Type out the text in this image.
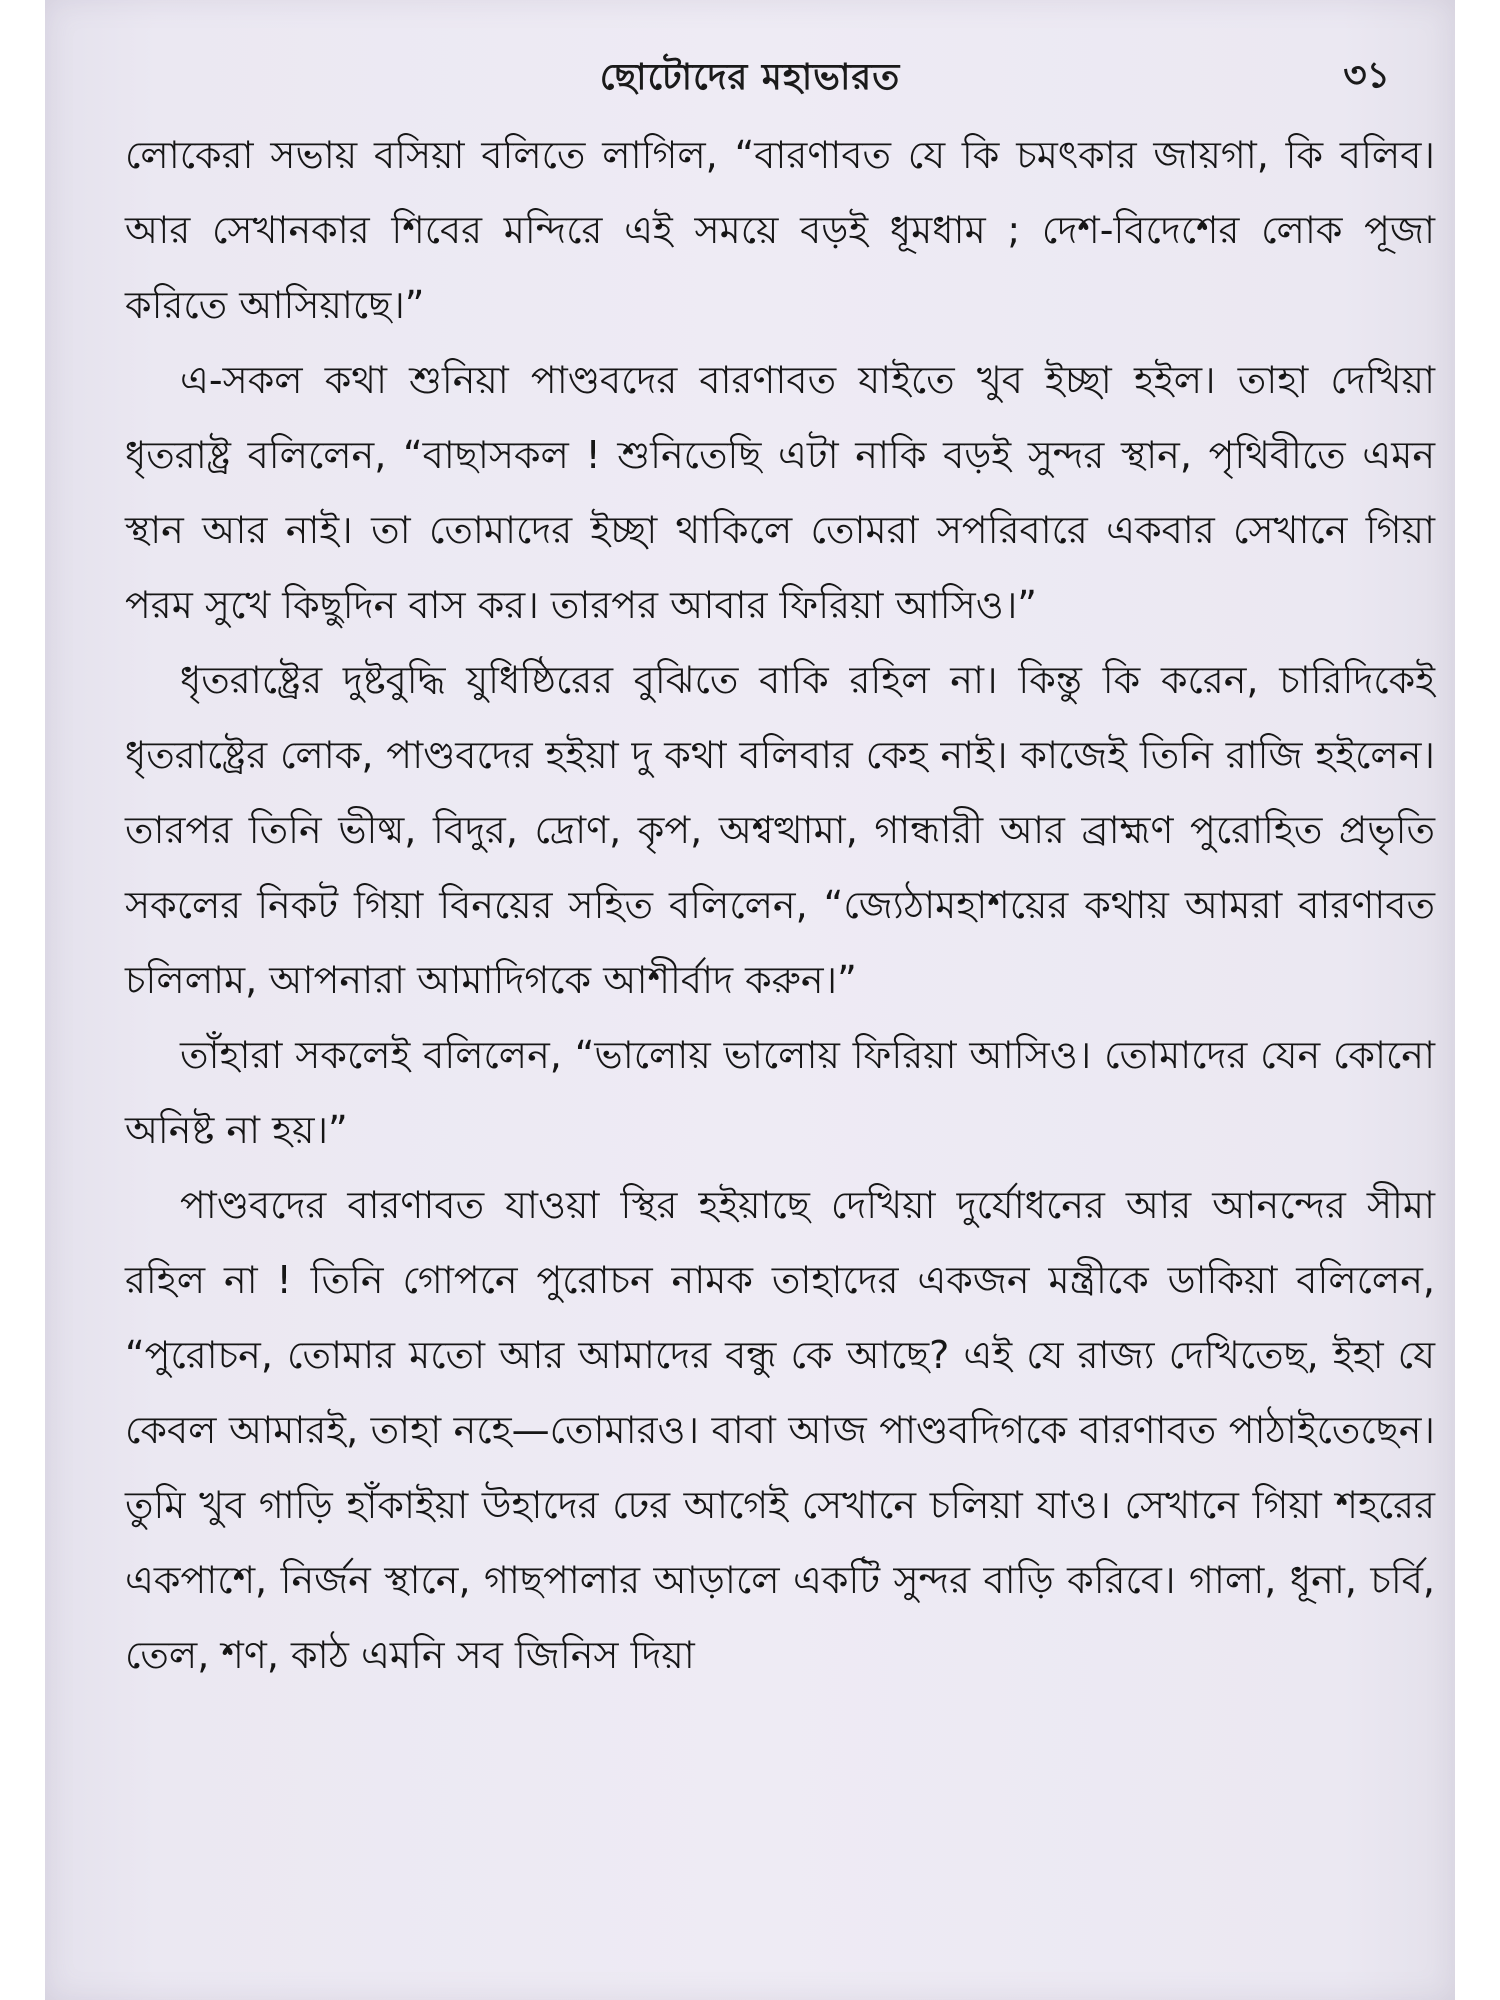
ছোটোদের মহাভারত	৩১

লোকেরা সভায় বসিয়া বলিতে লাগিল, “বারণাবত যে কি চমৎকার জায়গা, কি বলিব। আর সেখানকার শিবের মন্দিরে এই সময়ে বড়ই ধূমধাম ; দেশ-বিদেশের লোক পূজা করিতে আসিয়াছে।”

এ-সকল কথা শুনিয়া পাণ্ডবদের বারণাবত যাইতে খুব ইচ্ছা হইল। তাহা দেখিয়া ধৃতরাষ্ট্র বলিলেন, “বাছাসকল ! শুনিতেছি এটা নাকি বড়ই সুন্দর স্থান, পৃথিবীতে এমন স্থান আর নাই। তা তোমাদের ইচ্ছা থাকিলে তোমরা সপরিবারে একবার সেখানে গিয়া পরম সুখে কিছুদিন বাস কর। তারপর আবার ফিরিয়া আসিও।”

ধৃতরাষ্ট্রের দুষ্টবুদ্ধি যুধিষ্ঠিরের বুঝিতে বাকি রহিল না। কিন্তু কি করেন, চারিদিকেই ধৃতরাষ্ট্রের লোক, পাণ্ডবদের হইয়া দু কথা বলিবার কেহ নাই। কাজেই তিনি রাজি হইলেন। তারপর তিনি ভীষ্ম, বিদুর, দ্রোণ, কৃপ, অশ্বত্থামা, গান্ধারী আর ব্রাহ্মণ পুরোহিত প্রভৃতি সকলের নিকট গিয়া বিনয়ের সহিত বলিলেন, “জ্যেঠামহাশয়ের কথায় আমরা বারণাবত চলিলাম, আপনারা আমাদিগকে আশীর্বাদ করুন।”

তাঁহারা সকলেই বলিলেন, “ভালোয় ভালোয় ফিরিয়া আসিও। তোমাদের যেন কোনো অনিষ্ট না হয়।”

পাণ্ডবদের বারণাবত যাওয়া স্থির হইয়াছে দেখিয়া দুর্যোধনের আর আনন্দের সীমা রহিল না ! তিনি গোপনে পুরোচন নামক তাহাদের একজন মন্ত্রীকে ডাকিয়া বলিলেন, “পুরোচন, তোমার মতো আর আমাদের বন্ধু কে আছে? এই যে রাজ্য দেখিতেছ, ইহা যে কেবল আমারই, তাহা নহে—তোমারও। বাবা আজ পাণ্ডবদিগকে বারণাবত পাঠাইতেছেন। তুমি খুব গাড়ি হাঁকাইয়া উহাদের ঢের আগেই সেখানে চলিয়া যাও। সেখানে গিয়া শহরের একপাশে, নির্জন স্থানে, গাছপালার আড়ালে একটি সুন্দর বাড়ি করিবে। গালা, ধূনা, চর্বি, তেল, শণ, কাঠ এমনি সব জিনিস দিয়া
